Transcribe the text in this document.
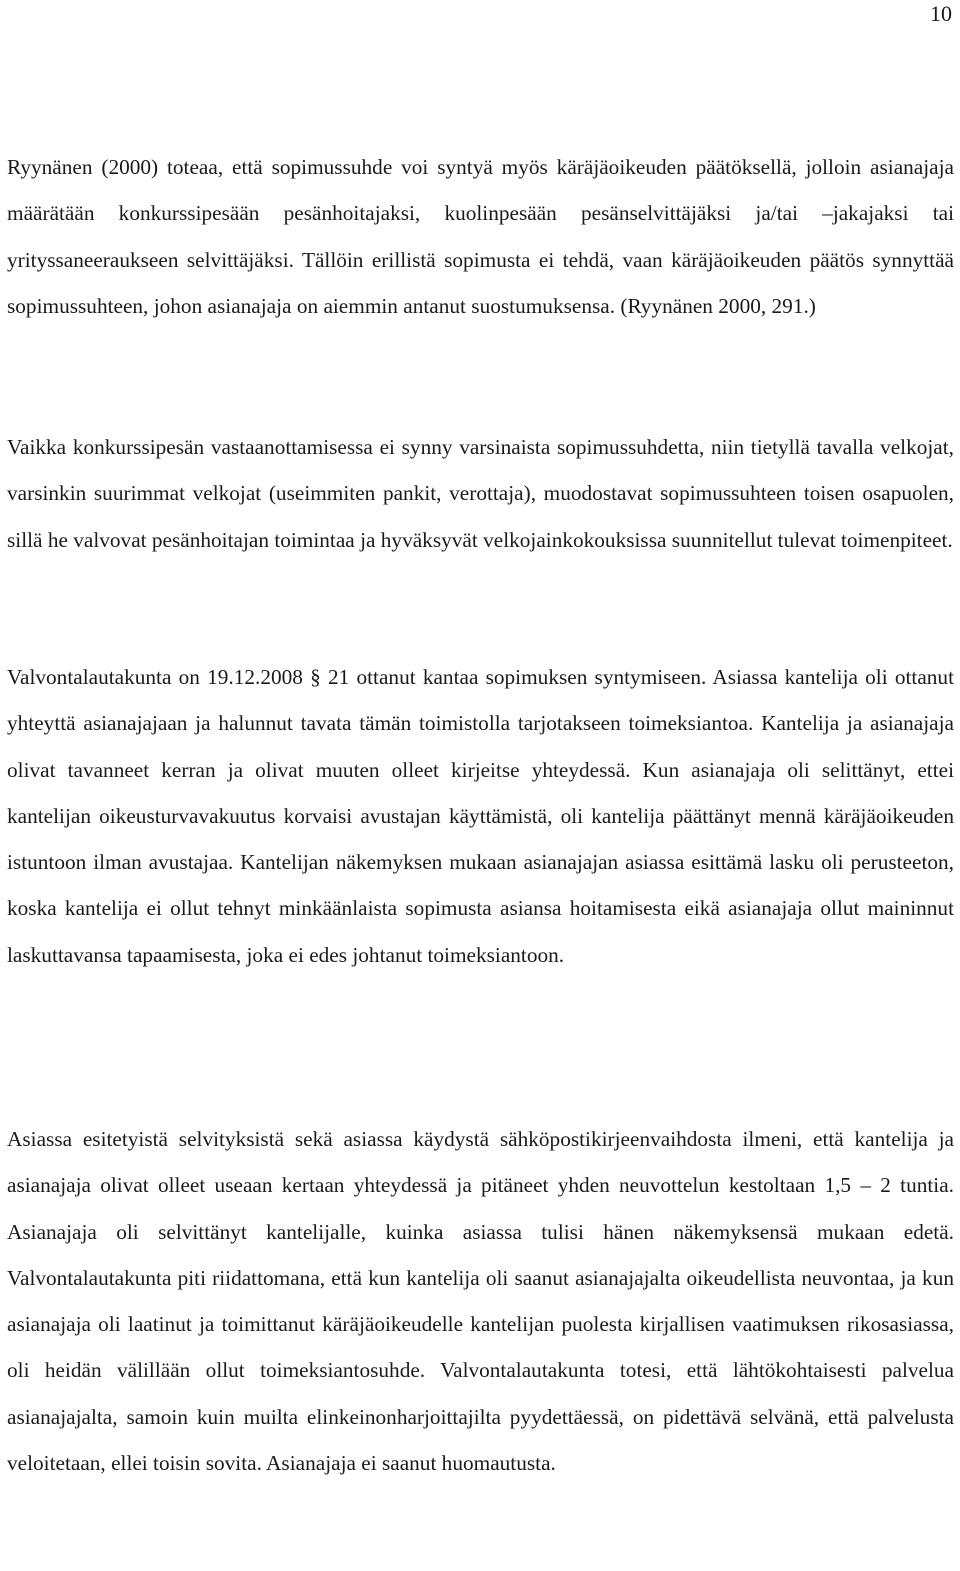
10

Ryynänen (2000) toteaa, että sopimussuhde voi syntyä myös käräjäoikeuden päätöksellä, jolloin asianajaja määrätään konkurssipesään pesänhoitajaksi, kuolinpesään pesänselvittäjäksi ja/tai –jakajaksi tai yrityssaneeraukseen selvittäjäksi. Tällöin erillistä sopimusta ei tehdä, vaan käräjäoikeuden päätös synnyttää sopimussuhteen, johon asianajaja on aiemmin antanut suostumuksensa. (Ryynänen 2000, 291.)

Vaikka konkurssipesän vastaanottamisessa ei synny varsinaista sopimussuhdetta, niin tietyllä tavalla velkojat, varsinkin suurimmat velkojat (useimmiten pankit, verottaja), muodostavat sopimussuhteen toisen osapuolen, sillä he valvovat pesänhoitajan toimintaa ja hyväksyvät velkojainkokouksissa suunnitellut tulevat toimenpiteet.

Valvontalautakunta on 19.12.2008 § 21 ottanut kantaa sopimuksen syntymiseen. Asiassa kantelija oli ottanut yhteyttä asianajajaan ja halunnut tavata tämän toimistolla tarjotakseen toimeksiantoa. Kantelija ja asianajaja olivat tavanneet kerran ja olivat muuten olleet kirjeitse yhteydessä. Kun asianajaja oli selittänyt, ettei kantelijan oikeusturvavakuutus korvaisi avustajan käyttämistä, oli kantelija päättänyt mennä käräjäoikeuden istuntoon ilman avustajaa. Kantelijan näkemyksen mukaan asianajajan asiassa esittämä lasku oli perusteeton, koska kantelija ei ollut tehnyt minkäänlaista sopimusta asiansa hoitamisesta eikä asianajaja ollut maininnut laskuttavansa tapaamisesta, joka ei edes johtanut toimeksiantoon.

Asiassa esitetyistä selvityksistä sekä asiassa käydystä sähköpostikirjeenvaihdosta ilmeni, että kantelija ja asianajaja olivat olleet useaan kertaan yhteydessä ja pitäneet yhden neuvottelun kestoltaan 1,5 – 2 tuntia. Asianajaja oli selvittänyt kantelijalle, kuinka asiassa tulisi hänen näkemyksensä mukaan edetä. Valvontalautakunta piti riidattomana, että kun kantelija oli saanut asianajajalta oikeudellista neuvontaa, ja kun asianajaja oli laatinut ja toimittanut käräjäoikeudelle kantelijan puolesta kirjallisen vaatimuksen rikosasiassa, oli heidän välillään ollut toimeksiantosuhde. Valvontalautakunta totesi, että lähtökohtaisesti palvelua asianajajalta, samoin kuin muilta elinkeinonharjoittajilta pyydettäessä, on pidettävä selvänä, että palvelusta veloitetaan, ellei toisin sovita. Asianajaja ei saanut huomautusta.
